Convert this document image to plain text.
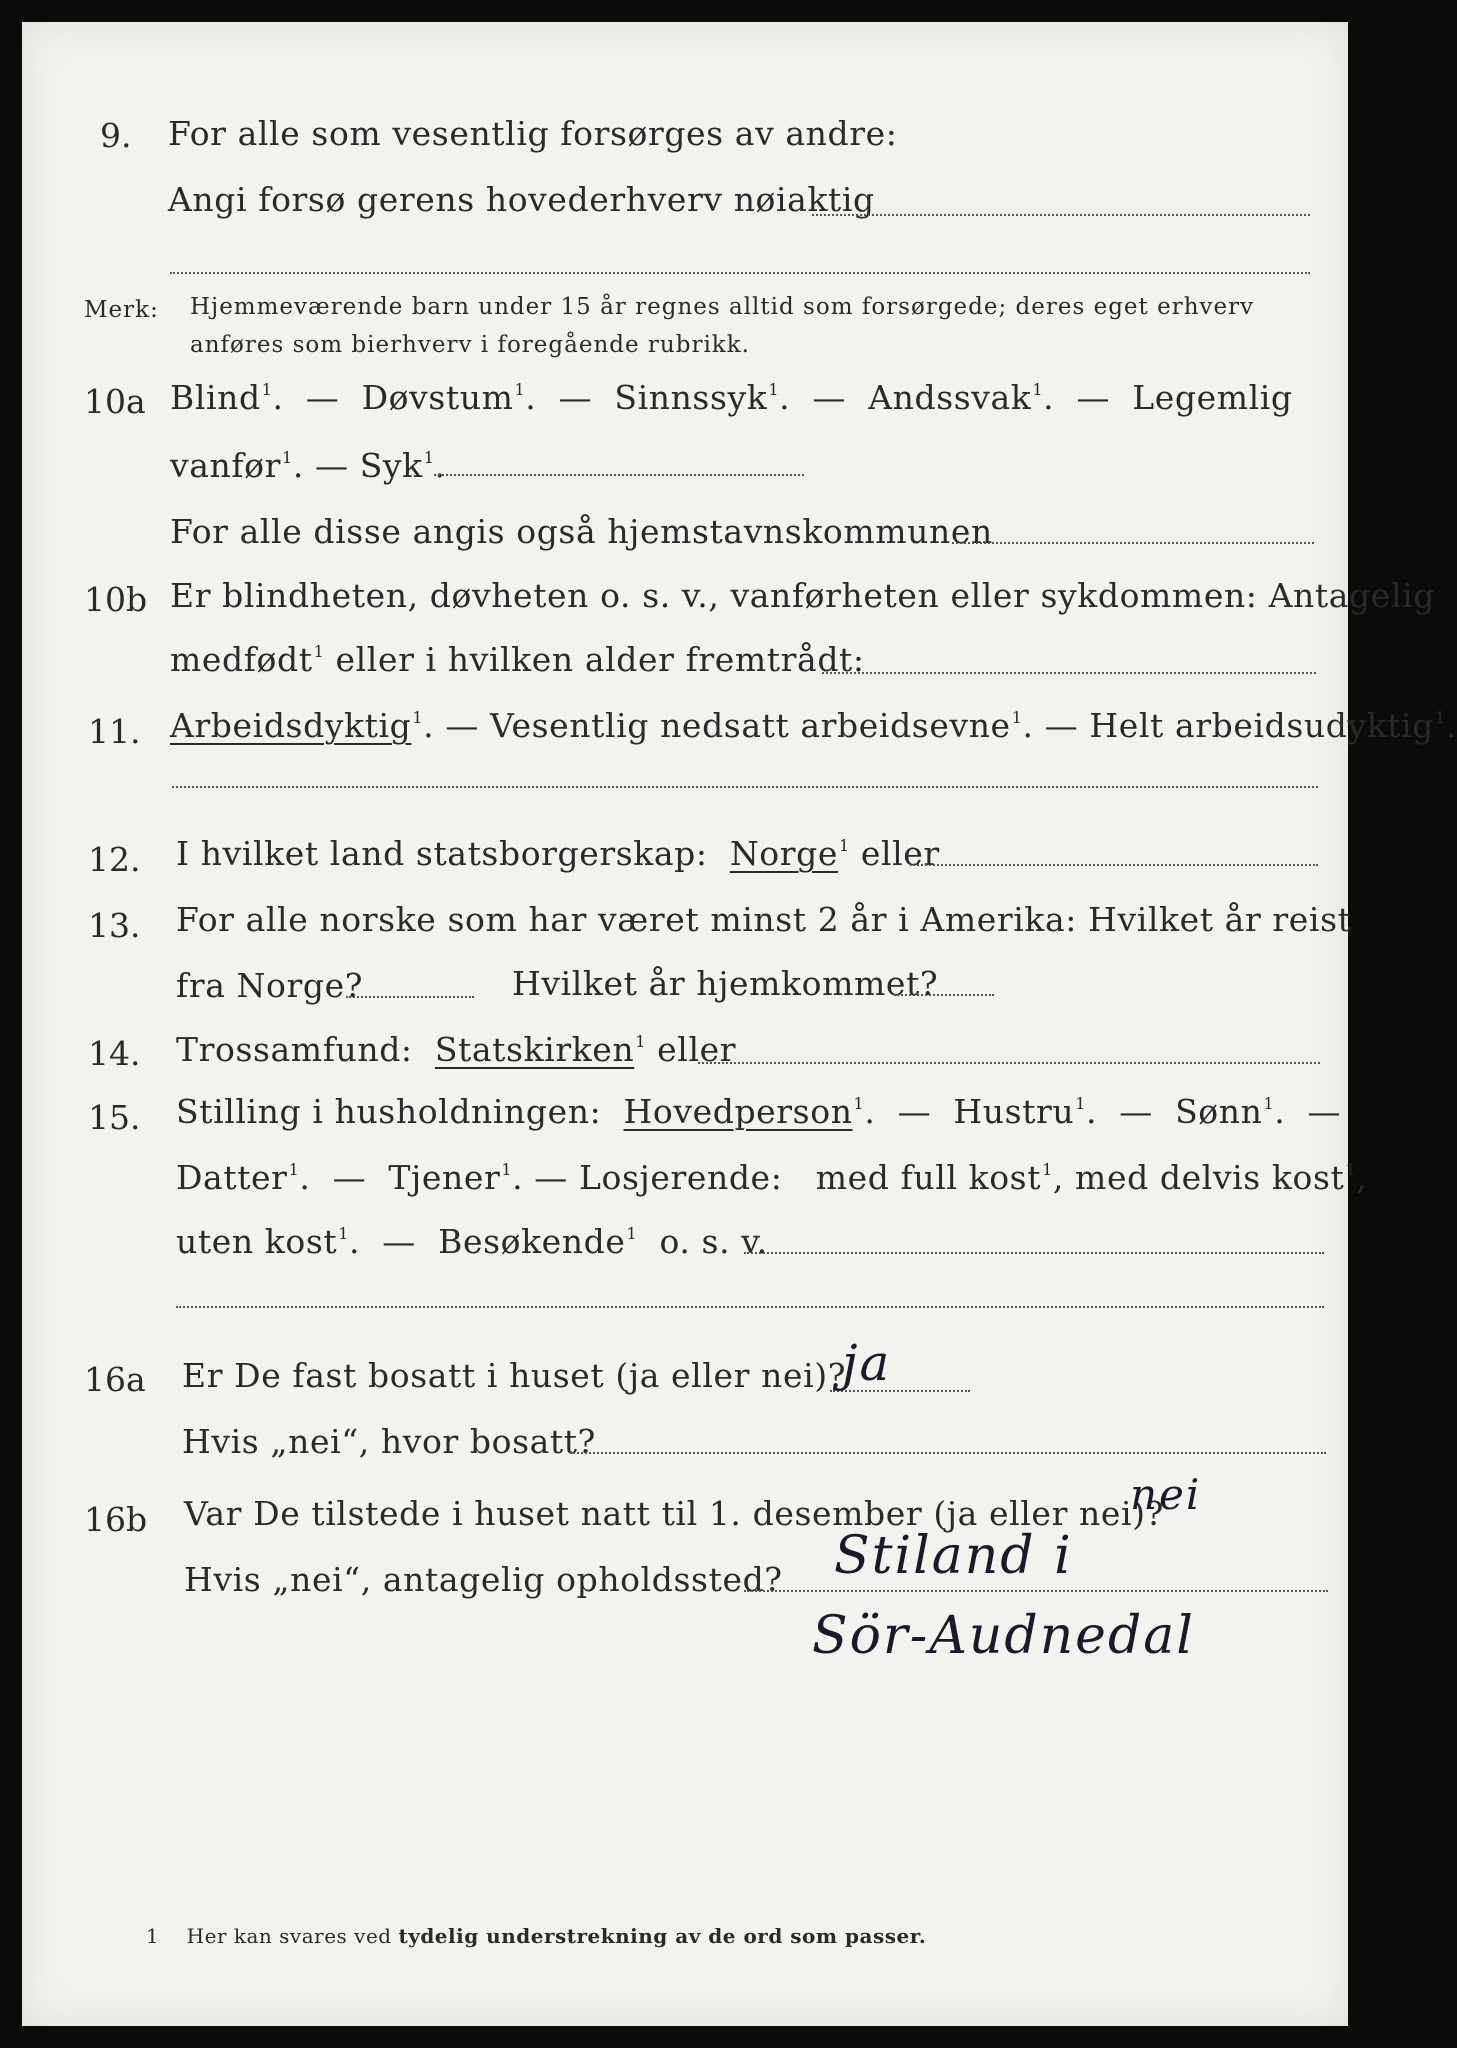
9. For alle som vesentlig forsørges av andre:
Angi forsø gerens hovederhverv nøiaktig
Merk: Hjemmeværende barn under 15 år regnes alltid som forsørgede; deres eget erhverv
anføres som bierhverv i foregående rubrikk.
10a Blind$^1$.  —  Døvstum$^1$.  —  Sinnssyk$^1$.  —  Andssvak$^1$.  —  Legemlig
vanfør$^1$. — Syk$^1$.
For alle disse angis også hjemstavnskommunen
10b Er blindheten, døvheten o. s. v., vanførheten eller sykdommen: Antagelig
medfødt$^1$ eller i hvilken alder fremtrådt:
11. Arbeidsdyktig$^1$. — Vesentlig nedsatt arbeidsevne$^1$. — Helt arbeidsudyktig$^1$.
12. I hvilket land statsborgerskap: Norge$^1$ eller
13. For alle norske som har været minst 2 år i Amerika: Hvilket år reist
fra Norge?	Hvilket år hjemkommet?
14. Trossamfund: Statskirken$^1$ eller
15. Stilling i husholdningen: Hovedperson$^1$.  —  Hustru$^1$.  —  Sønn$^1$.  —
Datter$^1$.  —  Tjener$^1$. — Losjerende: med full kost$^1$, med delvis kost$^1$,
uten kost$^1$.  —  Besøkende$^1$ o. s. v.
16a Er De fast bosatt i huset (ja eller nei)?
ja
Hvis „nei“, hvor bosatt?
16b Var De tilstede i huset natt til 1. desember (ja eller nei)?
nei
Hvis „nei“, antagelig opholdssted? Stiland i
Sör-Audnedal
1 Her kan svares ved tydelig understrekning av de ord som passer.
